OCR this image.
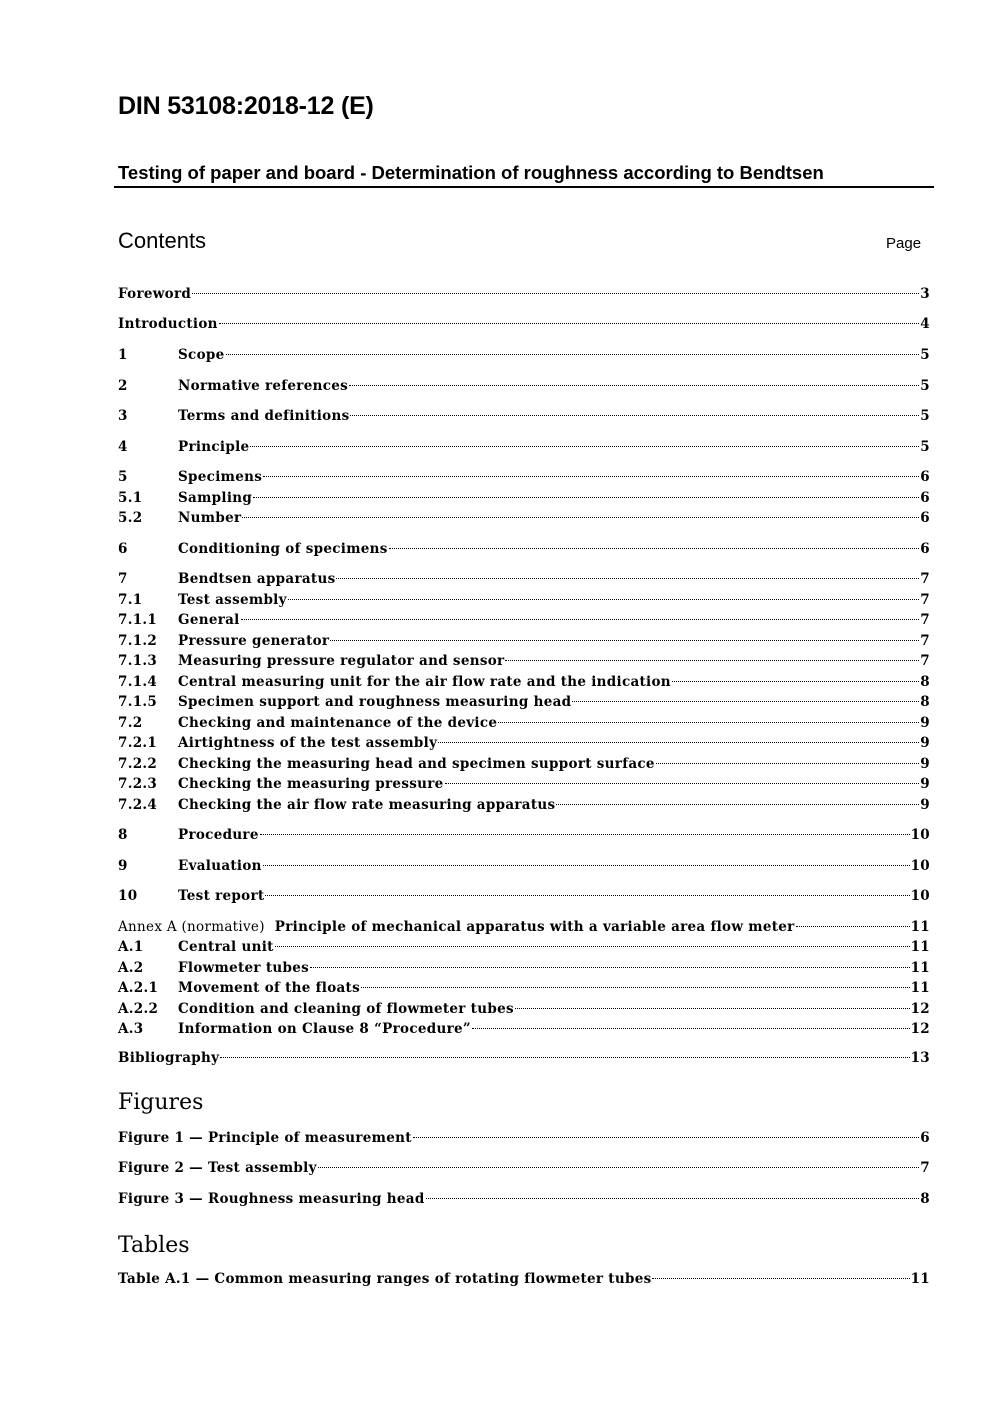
DIN 53108:2018-12 (E)
Testing of paper and board - Determination of roughness according to Bendtsen
Contents	Page
Foreword	3
Introduction	4
1	Scope	5
2	Normative references	5
3	Terms and definitions	5
4	Principle	5
5	Specimens	6
5.1	Sampling	6
5.2	Number	6
6	Conditioning of specimens	6
7	Bendtsen apparatus	7
7.1	Test assembly	7
7.1.1	General	7
7.1.2	Pressure generator	7
7.1.3	Measuring pressure regulator and sensor	7
7.1.4	Central measuring unit for the air flow rate and the indication	8
7.1.5	Specimen support and roughness measuring head	8
7.2	Checking and maintenance of the device	9
7.2.1	Airtightness of the test assembly	9
7.2.2	Checking the measuring head and specimen support surface	9
7.2.3	Checking the measuring pressure	9
7.2.4	Checking the air flow rate measuring apparatus	9
8	Procedure	10
9	Evaluation	10
10	Test report	10
Annex A (normative) Principle of mechanical apparatus with a variable area flow meter	11
A.1	Central unit	11
A.2	Flowmeter tubes	11
A.2.1	Movement of the floats	11
A.2.2	Condition and cleaning of flowmeter tubes	12
A.3	Information on Clause 8 “Procedure”	12
Bibliography	13
Figures
Figure 1 — Principle of measurement	6
Figure 2 — Test assembly	7
Figure 3 — Roughness measuring head	8
Tables
Table A.1 — Common measuring ranges of rotating flowmeter tubes	11
